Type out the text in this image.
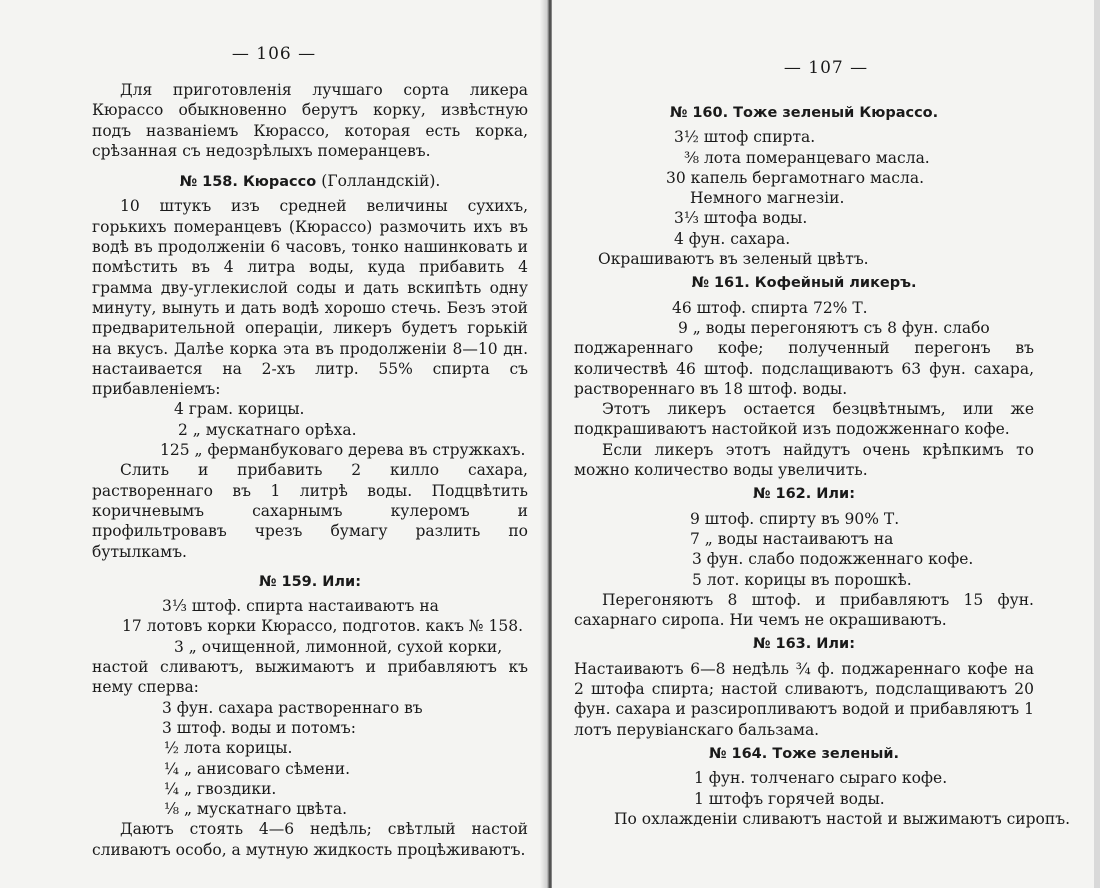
— 106 —

Для приготовленія лучшаго сорта ликера Кюрассо обыкновенно берутъ корку, извѣстную подъ названіемъ Кюрассо, которая есть корка, срѣзанная съ недозрѣлыхъ померанцевъ.

№ 158. Кюрассо (Голландскій).

10 штукъ изъ средней величины сухихъ, горькихъ померанцевъ (Кюрассо) размочить ихъ въ водѣ въ продолженіи 6 часовъ, тонко нашинковать и помѣстить въ 4 литра воды, куда прибавить 4 грамма дву-углекислой соды и дать вскипѣть одну минуту, вынуть и дать водѣ хорошо стечь. Безъ этой предварительной операціи, ликеръ будетъ горькій на вкусъ. Далѣе корка эта въ продолженіи 8—10 дн. настаивается на 2-хъ литр. 55% спирта съ прибавленіемъ:

4 грам. корицы.

2 „ мускатнаго орѣха.

125 „ ферманбуковаго дерева въ стружкахъ.

Слить и прибавить 2 килло сахара, раствореннаго въ 1 литрѣ воды. Подцвѣтить коричневымъ сахарнымъ кулеромъ и профильтровавъ чрезъ бумагу разлить по бутылкамъ.

№ 159. Или:

3⅓ штоф. спирта настаиваютъ на

17 лотовъ корки Кюрассо, подготов. какъ № 158.

3 „ очищенной, лимонной, сухой корки,

настой сливаютъ, выжимаютъ и прибавляютъ къ нему сперва:

3 фун. сахара раствореннаго въ

3 штоф. воды и потомъ:

½ лота корицы.

¼ „ анисоваго сѣмени.

¼ „ гвоздики.

⅛ „ мускатнаго цвѣта.

Даютъ стоять 4—6 недѣль; свѣтлый настой сливаютъ особо, а мутную жидкость процѣживаютъ.

— 107 —

№ 160. Тоже зеленый Кюрассо.

3½ штоф спирта.

⅜ лота померанцеваго масла.

30 капель бергамотнаго масла.

Немного магнезіи.

3⅓ штофа воды.

4 фун. сахара.

Окрашиваютъ въ зеленый цвѣтъ.

№ 161. Кофейный ликеръ.

46 штоф. спирта 72% Т.

9 „ воды перегоняютъ съ 8 фун. слабо

поджареннаго кофе; полученный перегонъ въ количествѣ 46 штоф. подслащиваютъ 63 фун. сахара, раствореннаго въ 18 штоф. воды.

Этотъ ликеръ остается безцвѣтнымъ, или же подкрашиваютъ настойкой изъ подожженнаго кофе.

Если ликеръ этотъ найдутъ очень крѣпкимъ то можно количество воды увеличить.

№ 162. Или:

9 штоф. спирту въ 90% Т.

7 „ воды настаиваютъ на

3 фун. слабо подожженнаго кофе.

5 лот. корицы въ порошкѣ.

Перегоняютъ 8 штоф. и прибавляютъ 15 фун. сахарнаго сиропа. Ни чемъ не окрашиваютъ.

№ 163. Или:

Настаиваютъ 6—8 недѣль ¾ ф. поджареннаго кофе на 2 штофа спирта; настой сливаютъ, подслащиваютъ 20 фун. сахара и разсиропливаютъ водой и прибавляютъ 1 лотъ перувіанскаго бальзама.

№ 164. Тоже зеленый.

1 фун. толченаго сыраго кофе.

1 штофъ горячей воды.

По охлажденіи сливаютъ настой и выжимаютъ сиропъ.
